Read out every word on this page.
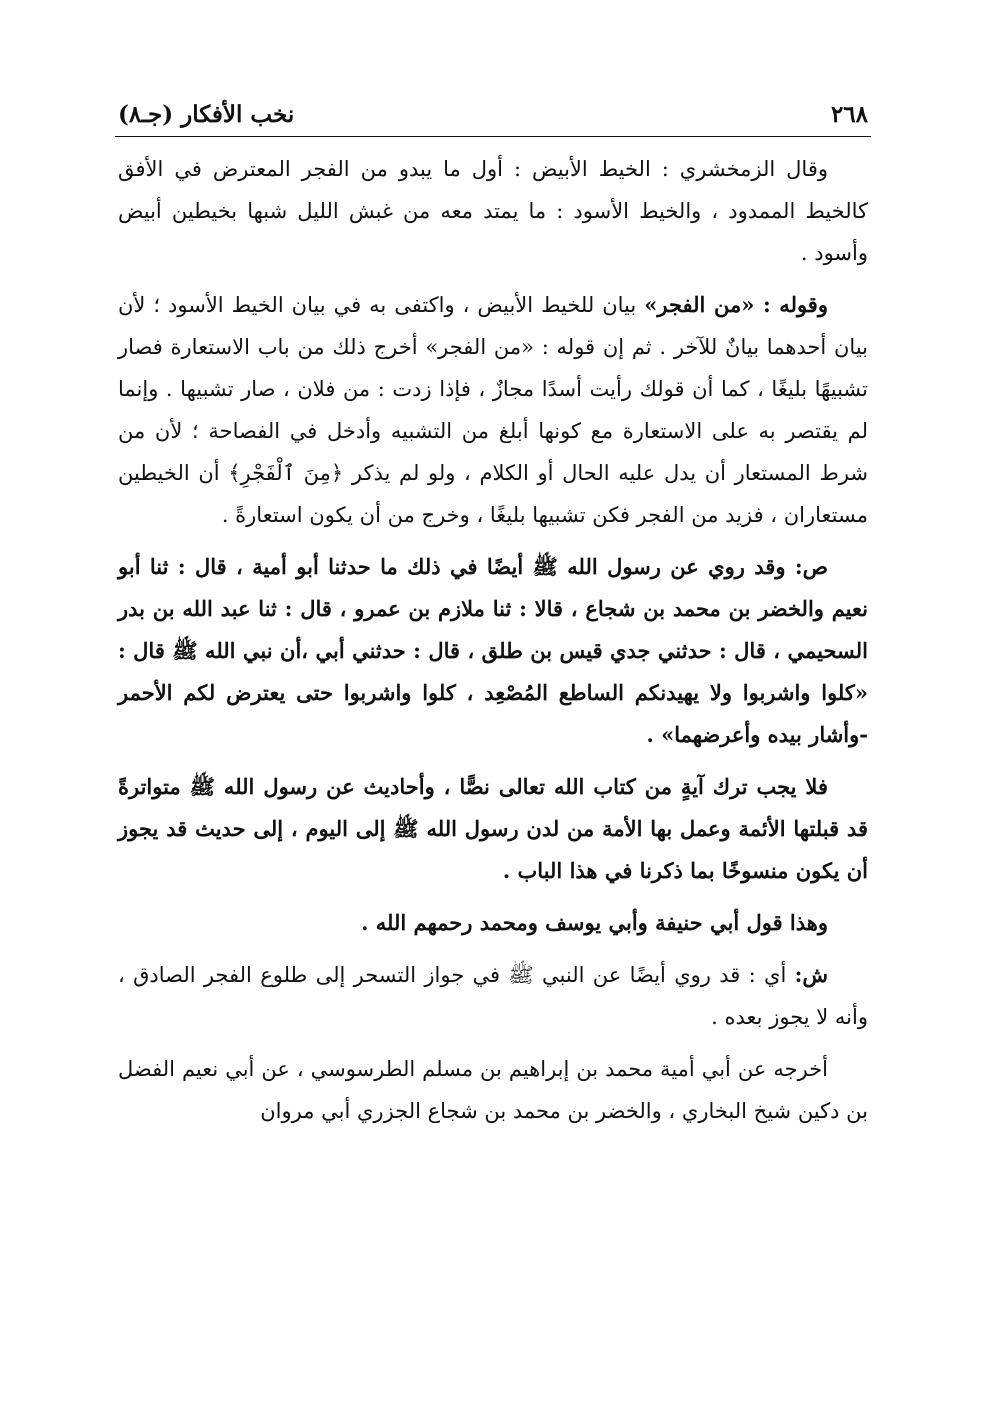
٢٦٨
نخب الأفكار (جـ٨)

وقال الزمخشري : الخيط الأبيض : أول ما يبدو من الفجر المعترض في الأفق كالخيط الممدود ، والخيط الأسود : ما يمتد معه من غبش الليل شبها بخيطين أبيض وأسود .

وقوله : «من الفجر» بيان للخيط الأبيض ، واكتفى به في بيان الخيط الأسود ؛ لأن بيان أحدهما بيانٌ للآخر . ثم إن قوله : «من الفجر» أخرج ذلك من باب الاستعارة فصار تشبيهًا بليغًا ، كما أن قولك رأيت أسدًا مجازٌ ، فإذا زدت : من فلان ، صار تشبيها . وإنما لم يقتصر به على الاستعارة مع كونها أبلغ من التشبيه وأدخل في الفصاحة ؛ لأن من شرط المستعار أن يدل عليه الحال أو الكلام ، ولو لم يذكر ﴿مِنَ ٱلْفَجْرِ﴾ أن الخيطين مستعاران ، فزيد من الفجر فكن تشبيها بليغًا ، وخرج من أن يكون استعارةً .

ص: وقد روي عن رسول الله ﷺ أيضًا في ذلك ما حدثنا أبو أمية ، قال : ثنا أبو نعيم والخضر بن محمد بن شجاع ، قالا : ثنا ملازم بن عمرو ، قال : ثنا عبد الله بن بدر السحيمي ، قال : حدثني جدي قيس بن طلق ، قال : حدثني أبي ،أن نبي الله ﷺ قال : «كلوا واشربوا ولا يهيدنكم الساطع المُصْعِد ، كلوا واشربوا حتى يعترض لكم الأحمر -وأشار بيده وأعرضهما» .

فلا يجب ترك آيةٍ من كتاب الله تعالى نصًّا ، وأحاديث عن رسول الله ﷺ متواترةً قد قبلتها الأئمة وعمل بها الأمة من لدن رسول الله ﷺ إلى اليوم ، إلى حديث قد يجوز أن يكون منسوخًا بما ذكرنا في هذا الباب .

وهذا قول أبي حنيفة وأبي يوسف ومحمد رحمهم الله .

ش: أي : قد روي أيضًا عن النبي ﷺ في جواز التسحر إلى طلوع الفجر الصادق ، وأنه لا يجوز بعده .

أخرجه عن أبي أمية محمد بن إبراهيم بن مسلم الطرسوسي ، عن أبي نعيم الفضل بن دكين شيخ البخاري ، والخضر بن محمد بن شجاع الجزري أبي مروان
